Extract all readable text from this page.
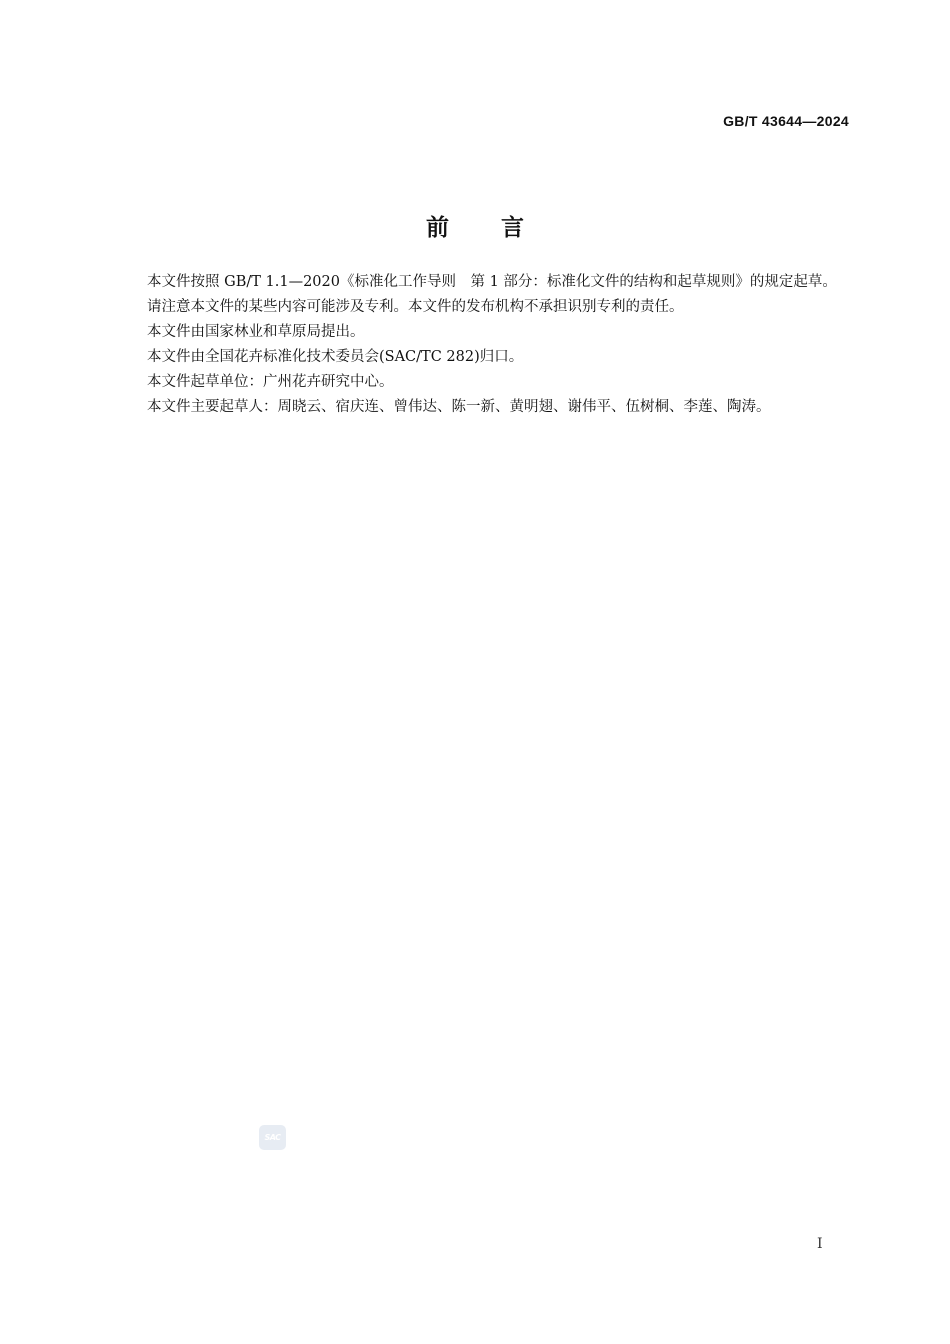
GB/T 43644—2024
前言

本文件按照 GB/T 1.1—2020《标准化工作导则　第 1 部分：标准化文件的结构和起草规则》的规定起草。

请注意本文件的某些内容可能涉及专利。本文件的发布机构不承担识别专利的责任。

本文件由国家林业和草原局提出。

本文件由全国花卉标准化技术委员会(SAC/TC 282)归口。

本文件起草单位：广州花卉研究中心。

本文件主要起草人：周晓云、宿庆连、曾伟达、陈一新、黄明翅、谢伟平、伍树桐、李莲、陶涛。

SAC
I
